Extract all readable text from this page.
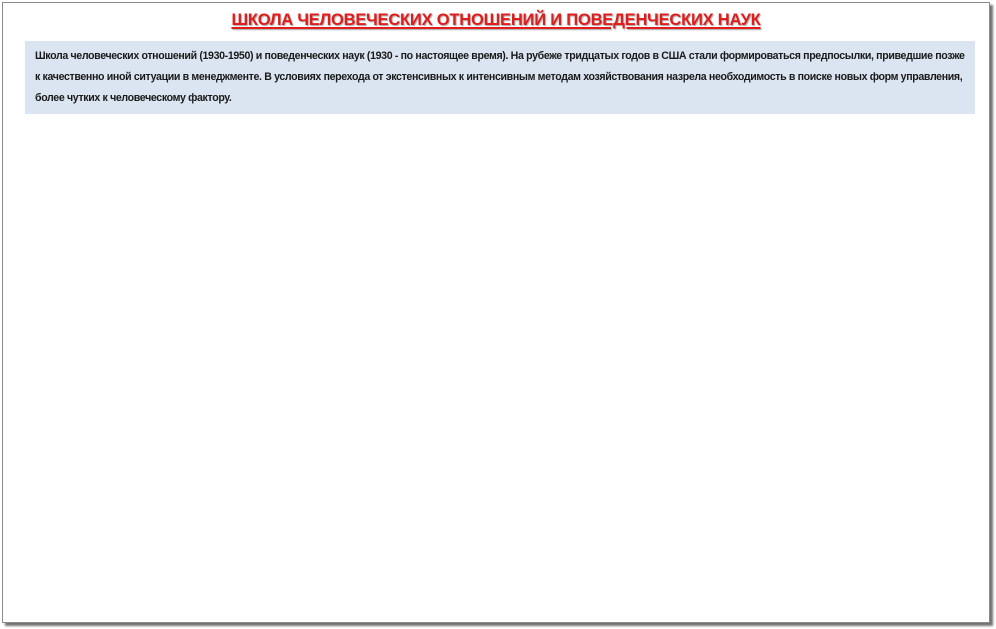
ШКОЛА ЧЕЛОВЕЧЕСКИХ ОТНОШЕНИЙ И ПОВЕДЕНЧЕСКИХ НАУК

Школа человеческих отношений (1930-1950) и поведенческих наук (1930 - по настоящее время). На рубеже тридцатых годов в США стали формироваться предпосылки, приведшие позже к качественно иной ситуации в менеджменте. В условиях перехода от экстенсивных к интенсивным методам хозяйствования назрела необходимость в поиске новых форм управления, более чутких к человеческому фактору.
